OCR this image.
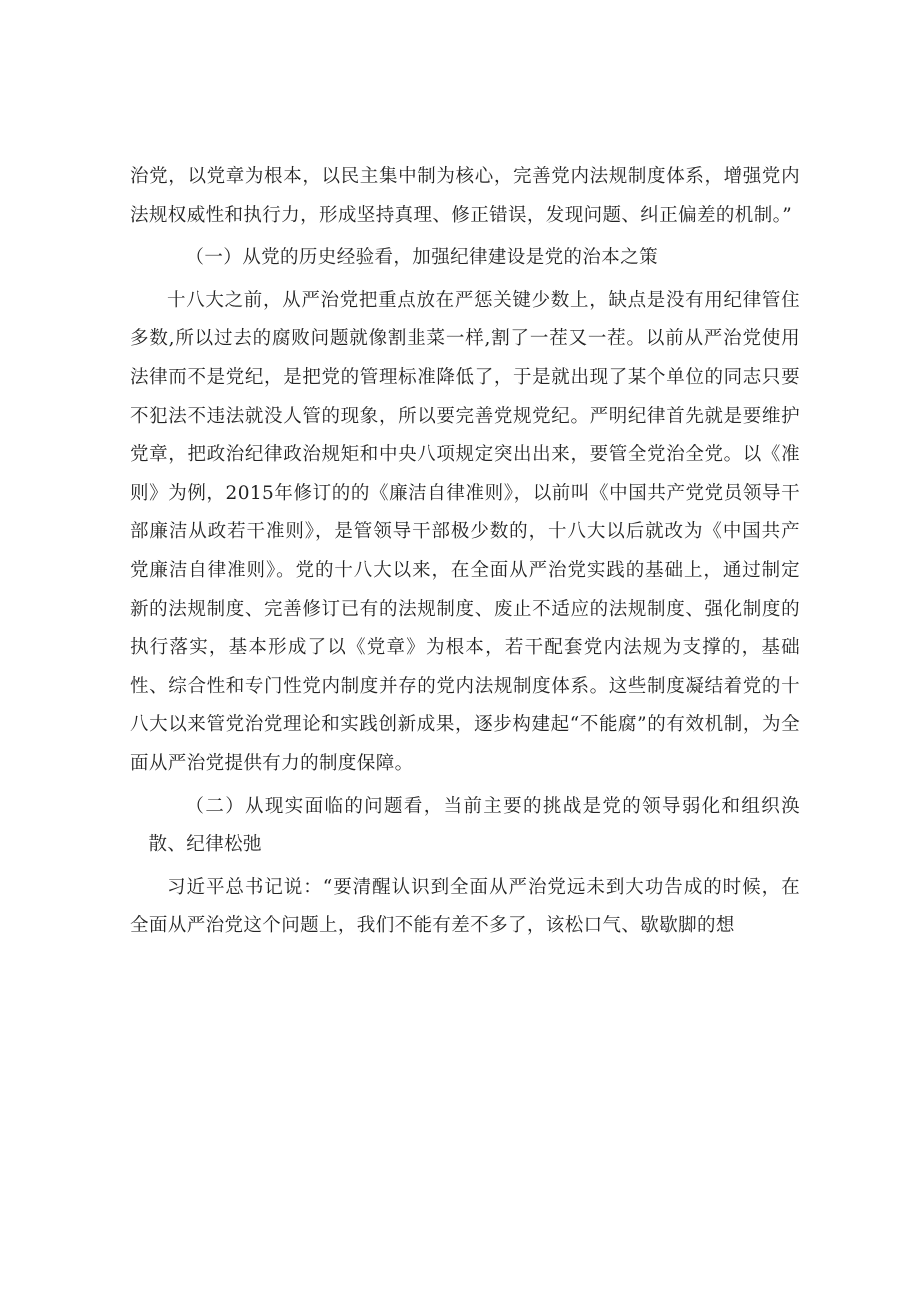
治党，以党章为根本，以民主集中制为核心，完善党内法规制度体系，增强党内法规权威性和执行力，形成坚持真理、修正错误，发现问题、纠正偏差的机制。”

（一）从党的历史经验看，加强纪律建设是党的治本之策

十八大之前，从严治党把重点放在严惩关键少数上，缺点是没有用纪律管住多数,所以过去的腐败问题就像割韭菜一样,割了一茬又一茬。以前从严治党使用法律而不是党纪，是把党的管理标准降低了，于是就出现了某个单位的同志只要不犯法不违法就没人管的现象，所以要完善党规党纪。严明纪律首先就是要维护党章，把政治纪律政治规矩和中央八项规定突出出来，要管全党治全党。以《准则》为例，2015年修订的的《廉洁自律准则》，以前叫《中国共产党党员领导干部廉洁从政若干准则》，是管领导干部极少数的，十八大以后就改为《中国共产党廉洁自律准则》。党的十八大以来，在全面从严治党实践的基础上，通过制定新的法规制度、完善修订已有的法规制度、废止不适应的法规制度、强化制度的执行落实，基本形成了以《党章》为根本，若干配套党内法规为支撑的，基础性、综合性和专门性党内制度并存的党内法规制度体系。这些制度凝结着党的十八大以来管党治党理论和实践创新成果，逐步构建起“不能腐”的有效机制，为全面从严治党提供有力的制度保障。

（二）从现实面临的问题看，当前主要的挑战是党的领导弱化和组织涣散、纪律松弛

习近平总书记说：“要清醒认识到全面从严治党远未到大功告成的时候，在全面从严治党这个问题上，我们不能有差不多了，该松口气、歇歇脚的想
